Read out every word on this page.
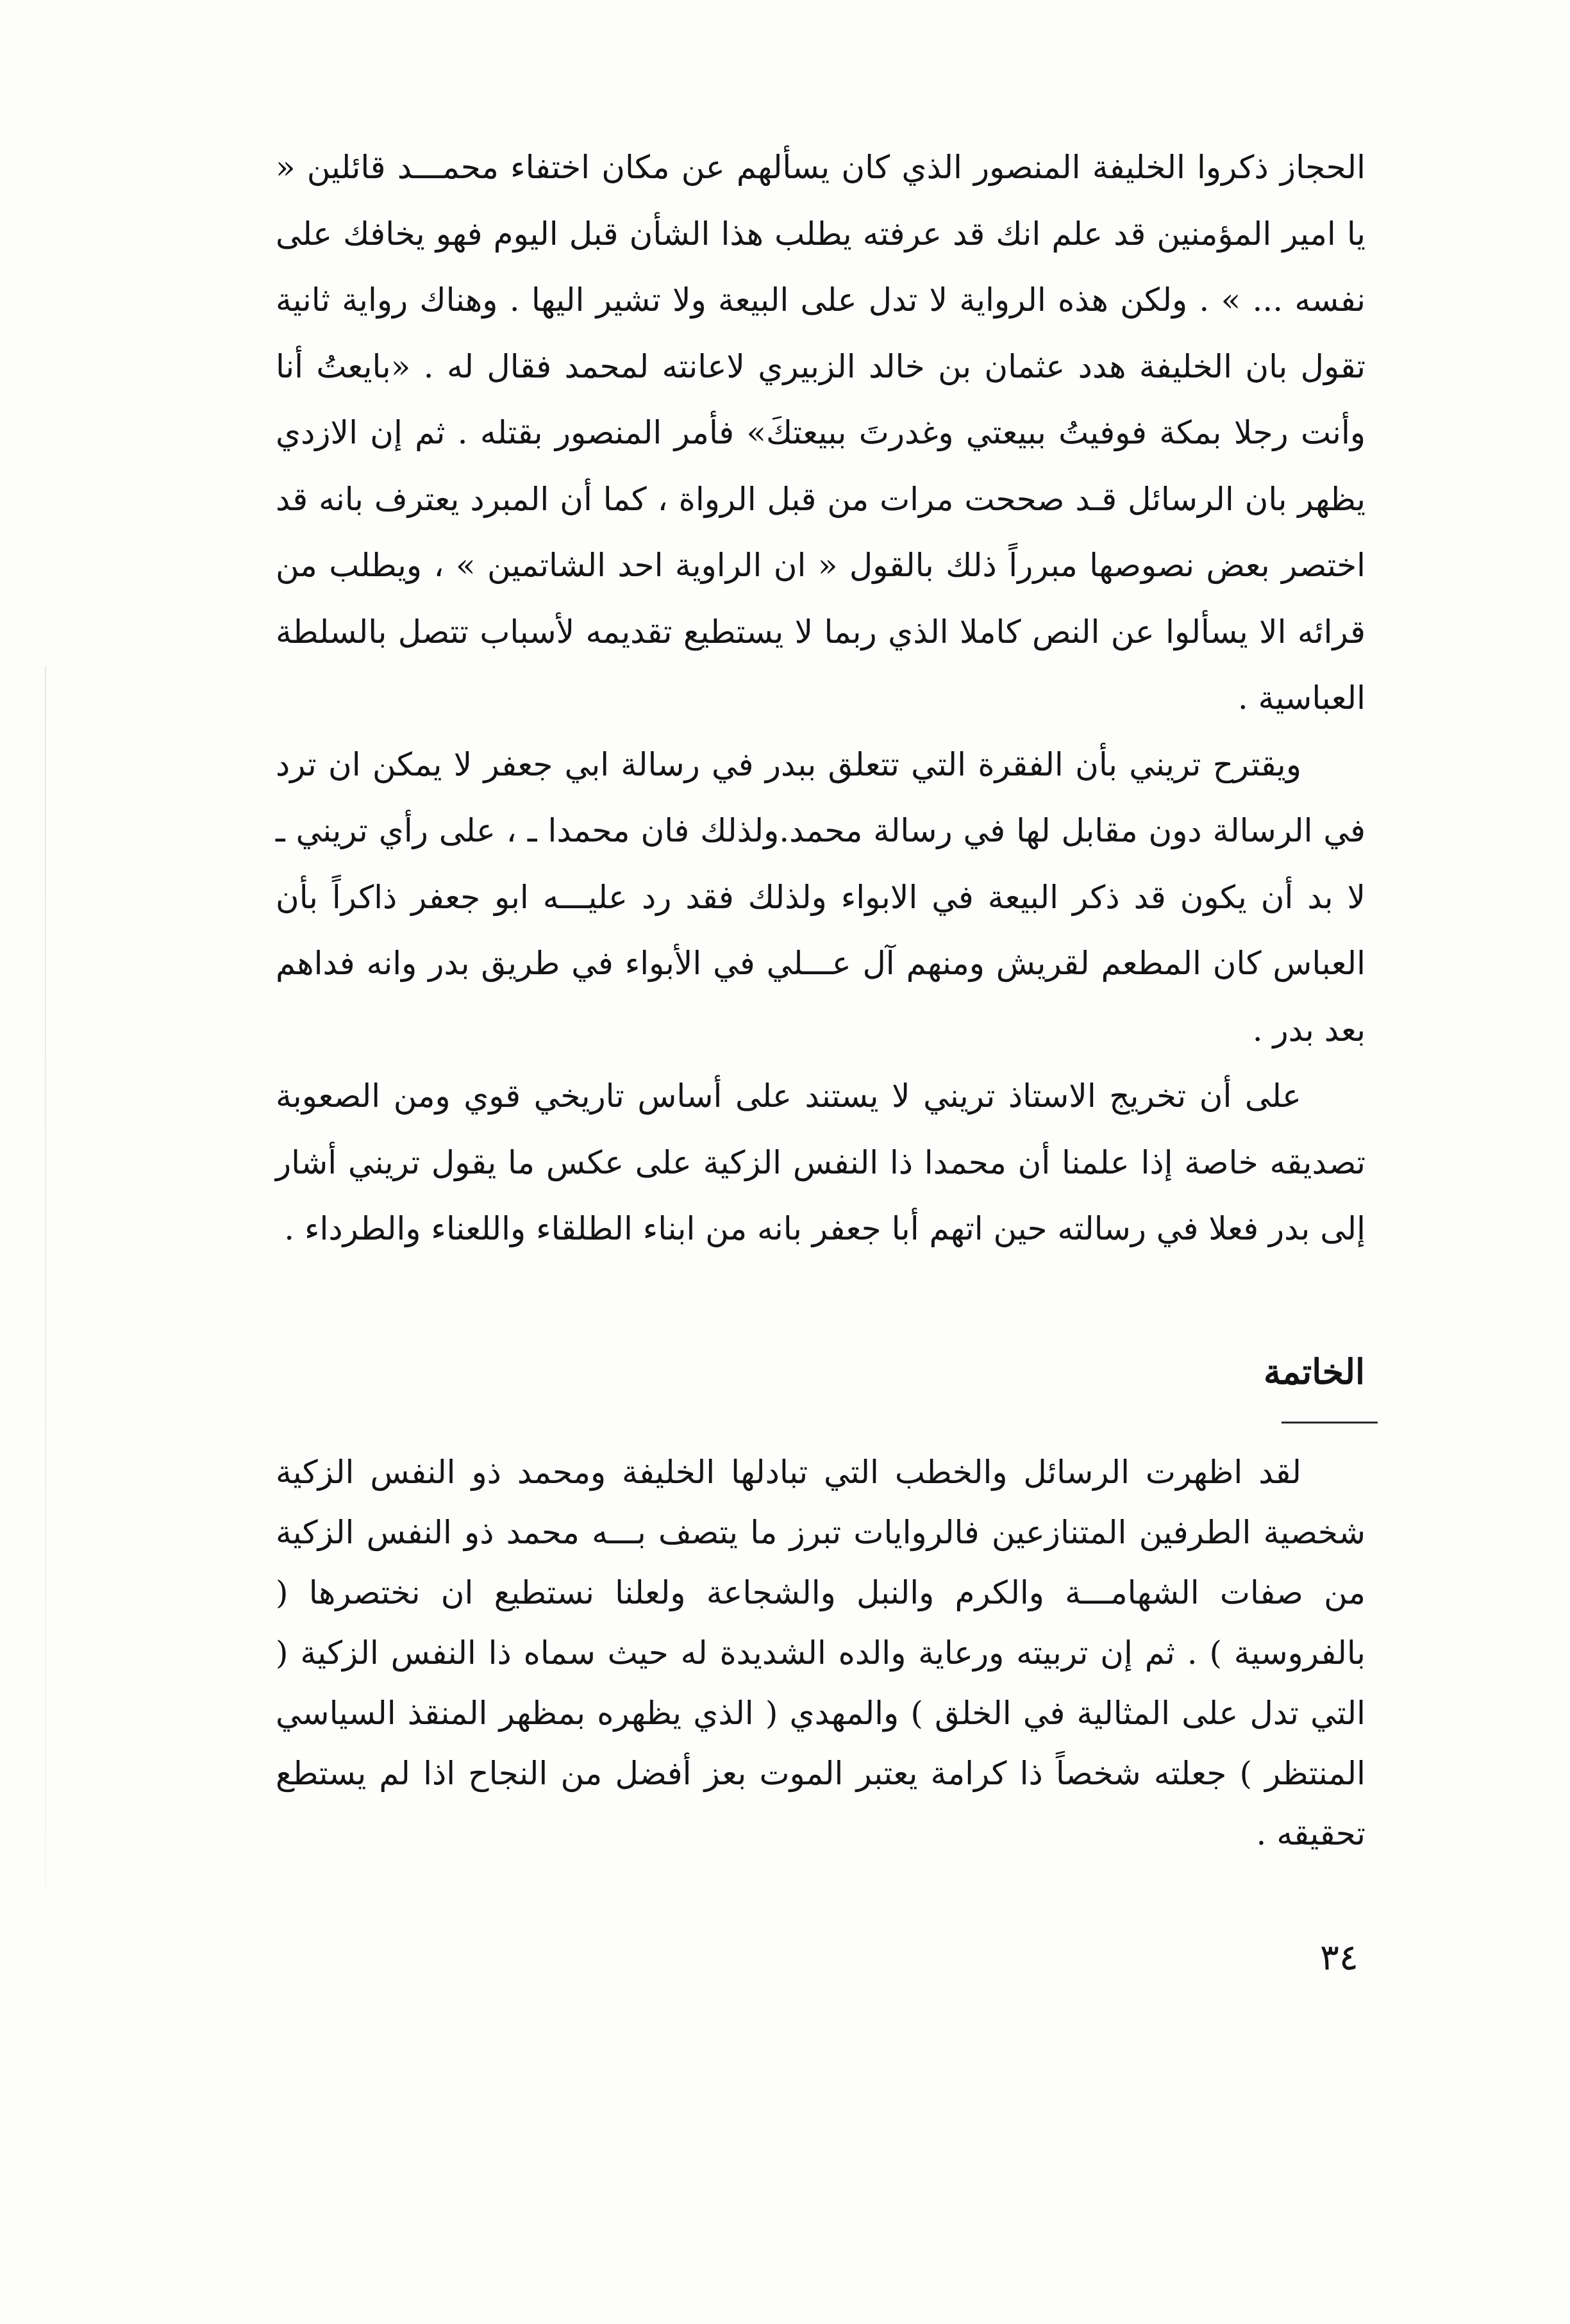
الحجاز ذكروا الخليفة المنصور الذي كان يسألهم عن مكان اختفاء محمـــد قائلين « يا امير المؤمنين قد علم انك قد عرفته يطلب هذا الشأن قبل اليوم فهو يخافك على نفسه ... » . ولكن هذه الرواية لا تدل على البيعة ولا تشير اليها . وهناك رواية ثانية تقول بان الخليفة هدد عثمان بن خالد الزبيري لاعانته لمحمد فقال له . «بايعتُ أنا وأنت رجلا بمكة فوفيتُ ببيعتي وغدرتَ ببيعتكَ» فأمر المنصور بقتله . ثم إن الازدي يظهر بان الرسائل قـد صححت مرات من قبل الرواة ، كما أن المبرد يعترف بانه قد اختصر بعض نصوصها مبرراً ذلك بالقول « ان الراوية احد الشاتمين » ، ويطلب من قرائه الا يسألوا عن النص كاملا الذي ربما لا يستطيع تقديمه لأسباب تتصل بالسلطة العباسية .

ويقترح تريني بأن الفقرة التي تتعلق ببدر في رسالة ابي جعفر لا يمكن ان ترد في الرسالة دون مقابل لها في رسالة محمد.ولذلك فان محمدا ـ ، على رأي تريني ـ لا بد أن يكون قد ذكر البيعة في الابواء ولذلك فقد رد عليـــه ابو جعفر ذاكراً بأن العباس كان المطعم لقريش ومنهم آل عـــلي في الأبواء في طريق بدر وانه فداهم بعد بدر .

على أن تخريج الاستاذ تريني لا يستند على أساس تاريخي قوي ومن الصعوبة تصديقه خاصة إذا علمنا أن محمدا ذا النفس الزكية على عكس ما يقول تريني أشار إلى بدر فعلا في رسالته حين اتهم أبا جعفر بانه من ابناء الطلقاء واللعناء والطرداء .

الخاتمة

لقد اظهرت الرسائل والخطب التي تبادلها الخليفة ومحمد ذو النفس الزكية شخصية الطرفين المتنازعين فالروايات تبرز ما يتصف بـــه محمد ذو النفس الزكية من صفات الشهامـــة والكرم والنبل والشجاعة ولعلنا نستطيع ان نختصرها ( بالفروسية ) . ثم إن تربيته ورعاية والده الشديدة له حيث سماه ذا النفس الزكية ( التي تدل على المثالية في الخلق ) والمهدي ( الذي يظهره بمظهر المنقذ السياسي المنتظر ) جعلته شخصاً ذا كرامة يعتبر الموت بعز أفضل من النجاح اذا لم يستطع تحقيقه .

٣٤
